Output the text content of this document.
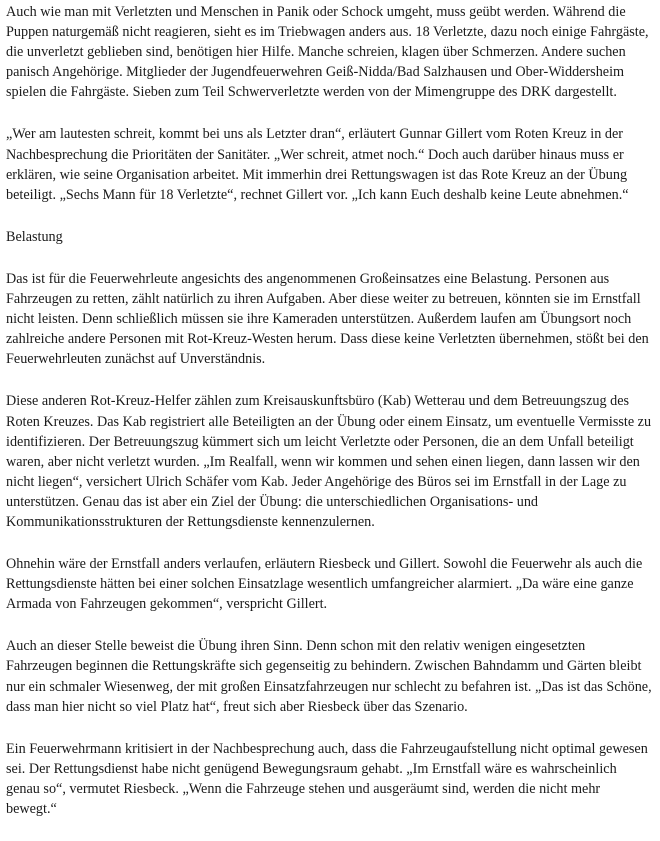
Auch wie man mit Verletzten und Menschen in Panik oder Schock umgeht, muss geübt werden. Während die Puppen naturgemäß nicht reagieren, sieht es im Triebwagen anders aus. 18 Verletzte, dazu noch einige Fahrgäste, die unverletzt geblieben sind, benötigen hier Hilfe. Manche schreien, klagen über Schmerzen. Andere suchen panisch Angehörige. Mitglieder der Jugendfeuerwehren Geiß-Nidda/Bad Salzhausen und Ober-Widdersheim spielen die Fahrgäste. Sieben zum Teil Schwerverletzte werden von der Mimengruppe des DRK dargestellt.

„Wer am lautesten schreit, kommt bei uns als Letzter dran“, erläutert Gunnar Gillert vom Roten Kreuz in der Nachbesprechung die Prioritäten der Sanitäter. „Wer schreit, atmet noch.“ Doch auch darüber hinaus muss er erklären, wie seine Organisation arbeitet. Mit immerhin drei Rettungswagen ist das Rote Kreuz an der Übung beteiligt. „Sechs Mann für 18 Verletzte“, rechnet Gillert vor. „Ich kann Euch deshalb keine Leute abnehmen.“

Belastung

Das ist für die Feuerwehrleute angesichts des angenommenen Großeinsatzes eine Belastung. Personen aus Fahrzeugen zu retten, zählt natürlich zu ihren Aufgaben. Aber diese weiter zu betreuen, könnten sie im Ernstfall nicht leisten. Denn schließlich müssen sie ihre Kameraden unterstützen. Außerdem laufen am Übungsort noch zahlreiche andere Personen mit Rot-Kreuz-Westen herum. Dass diese keine Verletzten übernehmen, stößt bei den Feuerwehrleuten zunächst auf Unverständnis.

Diese anderen Rot-Kreuz-Helfer zählen zum Kreisauskunftsbüro (Kab) Wetterau und dem Betreuungszug des Roten Kreuzes. Das Kab registriert alle Beteiligten an der Übung oder einem Einsatz, um eventuelle Vermisste zu identifizieren. Der Betreuungszug kümmert sich um leicht Verletzte oder Personen, die an dem Unfall beteiligt waren, aber nicht verletzt wurden. „Im Realfall, wenn wir kommen und sehen einen liegen, dann lassen wir den nicht liegen“, versichert Ulrich Schäfer vom Kab. Jeder Angehörige des Büros sei im Ernstfall in der Lage zu unterstützen. Genau das ist aber ein Ziel der Übung: die unterschiedlichen Organisations- und Kommunikationsstrukturen der Rettungsdienste kennenzulernen.

Ohnehin wäre der Ernstfall anders verlaufen, erläutern Riesbeck und Gillert. Sowohl die Feuerwehr als auch die Rettungsdienste hätten bei einer solchen Einsatzlage wesentlich umfangreicher alarmiert. „Da wäre eine ganze Armada von Fahrzeugen gekommen“, verspricht Gillert.

Auch an dieser Stelle beweist die Übung ihren Sinn. Denn schon mit den relativ wenigen eingesetzten Fahrzeugen beginnen die Rettungskräfte sich gegenseitig zu behindern. Zwischen Bahndamm und Gärten bleibt nur ein schmaler Wiesenweg, der mit großen Einsatzfahrzeugen nur schlecht zu befahren ist. „Das ist das Schöne, dass man hier nicht so viel Platz hat“, freut sich aber Riesbeck über das Szenario.

Ein Feuerwehrmann kritisiert in der Nachbesprechung auch, dass die Fahrzeugaufstellung nicht optimal gewesen sei. Der Rettungsdienst habe nicht genügend Bewegungsraum gehabt. „Im Ernstfall wäre es wahrscheinlich genau so“, vermutet Riesbeck. „Wenn die Fahrzeuge stehen und ausgeräumt sind, werden die nicht mehr bewegt.“
